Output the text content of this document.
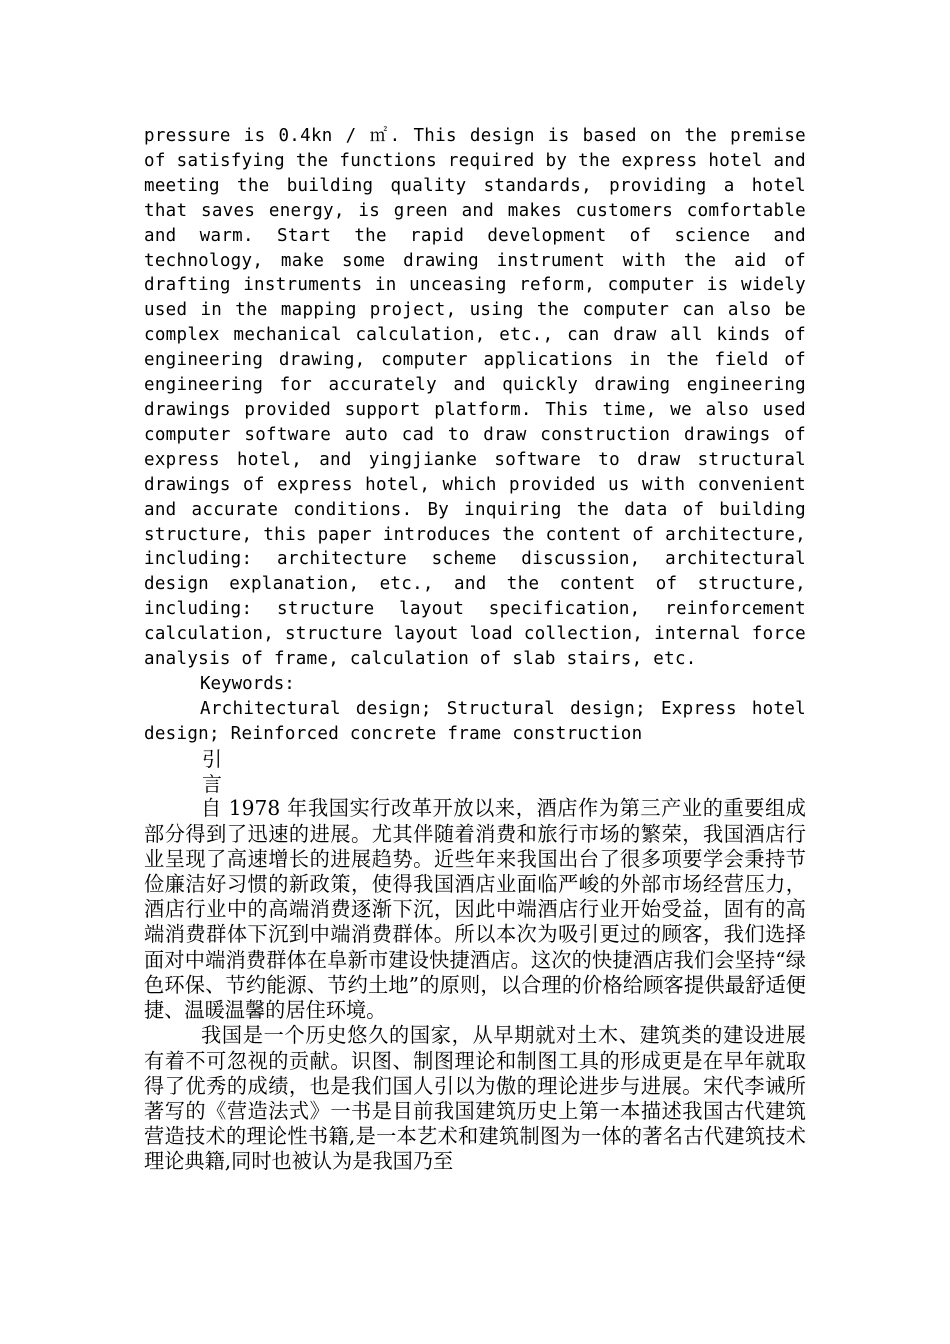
pressure is 0.4kn / ㎡. This design is based on the premise of satisfying the functions required by the express hotel and meeting the building quality standards, providing a hotel that saves energy, is green and makes customers comfortable and warm. Start the rapid development of science and technology, make some drawing instrument with the aid of drafting instruments in unceasing reform, computer is widely used in the mapping project, using the computer can also be complex mechanical calculation, etc., can draw all kinds of engineering drawing, computer applications in the field of engineering for accurately and quickly drawing engineering drawings provided support platform. This time, we also used computer software auto cad to draw construction drawings of express hotel, and yingjianke software to draw structural drawings of express hotel, which provided us with convenient and accurate conditions. By inquiring the data of building structure, this paper introduces the content of architecture, including: architecture scheme discussion, architectural design explanation, etc., and the content of structure, including: structure layout specification, reinforcement calculation, structure layout load collection, internal force analysis of frame, calculation of slab stairs, etc.

Keywords:

Architectural design; Structural design; Express hotel design; Reinforced concrete frame construction

引

言

自 1978 年我国实行改革开放以来，酒店作为第三产业的重要组成部分得到了迅速的进展。尤其伴随着消费和旅行市场的繁荣，我国酒店行业呈现了高速增长的进展趋势。近些年来我国出台了很多项要学会秉持节俭廉洁好习惯的新政策，使得我国酒店业面临严峻的外部市场经营压力，酒店行业中的高端消费逐渐下沉，因此中端酒店行业开始受益，固有的高端消费群体下沉到中端消费群体。所以本次为吸引更过的顾客，我们选择面对中端消费群体在阜新市建设快捷酒店。这次的快捷酒店我们会坚持“绿色环保、节约能源、节约土地”的原则，以合理的价格给顾客提供最舒适便捷、温暖温馨的居住环境。

我国是一个历史悠久的国家，从早期就对土木、建筑类的建设进展有着不可忽视的贡献。识图、制图理论和制图工具的形成更是在早年就取得了优秀的成绩，也是我们国人引以为傲的理论进步与进展。宋代李诫所著写的《营造法式》一书是目前我国建筑历史上第一本描述我国古代建筑营造技术的理论性书籍,是一本艺术和建筑制图为一体的著名古代建筑技术理论典籍,同时也被认为是我国乃至
